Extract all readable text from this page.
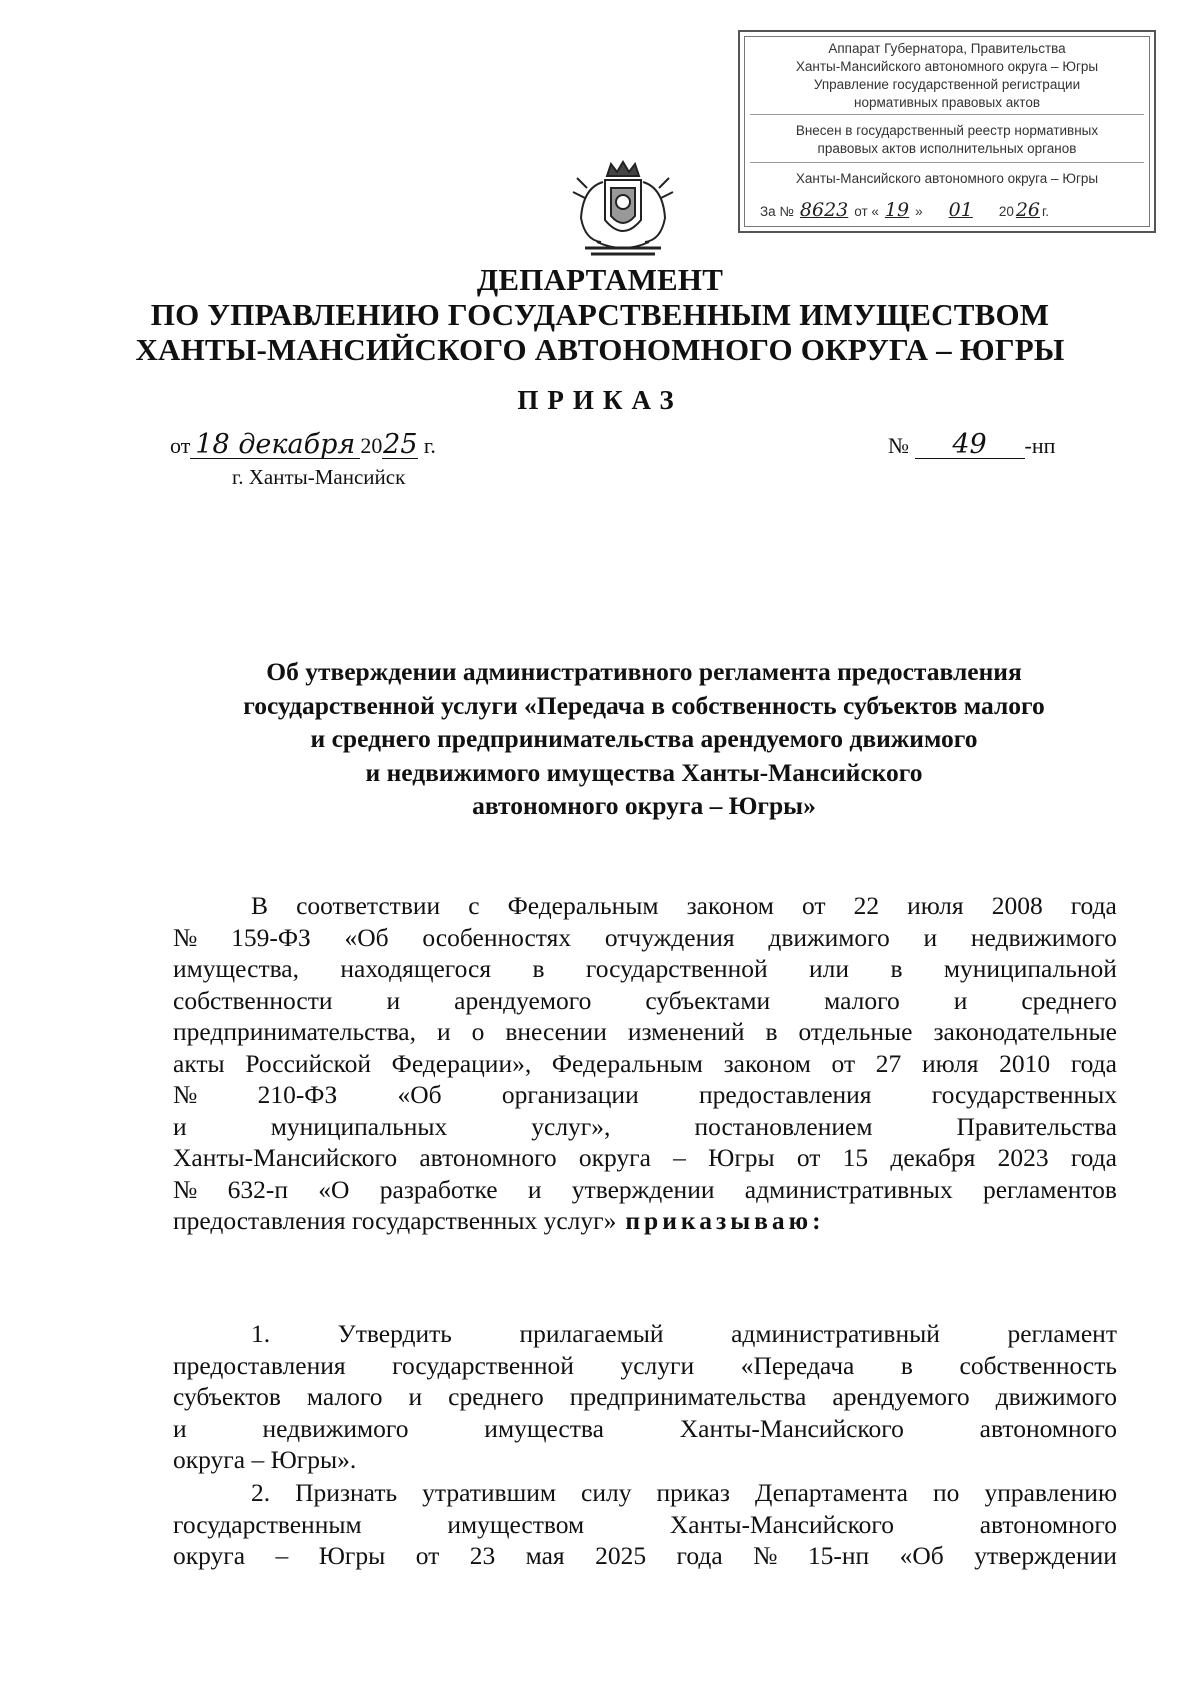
Аппарат Губернатора, Правительства
Ханты-Мансийского автономного округа – Югры
Управление государственной регистрации
нормативных правовых актов
Внесен в государственный реестр нормативных
правовых актов исполнительных органов
Ханты-Мансийского автономного округа – Югры
За № 8623 от « 19 » 01 20 26 г.
ДЕПАРТАМЕНТ
ПО УПРАВЛЕНИЮ ГОСУДАРСТВЕННЫМ ИМУЩЕСТВОМ
ХАНТЫ-МАНСИЙСКОГО АВТОНОМНОГО ОКРУГА – ЮГРЫ
ПРИКАЗ
от 18 декабря 2025 г.
г. Ханты-Мансийск
№ 49 -нп
Об утверждении административного регламента предоставления
государственной услуги «Передача в собственность субъектов малого
и среднего предпринимательства арендуемого движимого
и недвижимого имущества Ханты-Мансийского
автономного округа – Югры»
В соответствии с Федеральным законом от 22 июля 2008 года
№ 159-ФЗ «Об особенностях отчуждения движимого и недвижимого
имущества, находящегося в государственной или в муниципальной
собственности и арендуемого субъектами малого и среднего
предпринимательства, и о внесении изменений в отдельные законодательные
акты Российской Федерации», Федеральным законом от 27 июля 2010 года
№ 210-ФЗ «Об организации предоставления государственных
и	муниципальных	услуг»,	постановлением	Правительства
Ханты-Мансийского автономного округа – Югры от 15 декабря 2023 года
№ 632-п «О разработке и утверждении административных регламентов
предоставления государственных услуг» приказываю:
1.	Утвердить	прилагаемый	административный	регламент
предоставления государственной услуги «Передача в собственность
субъектов малого и среднего предпринимательства арендуемого движимого
и	недвижимого	имущества	Ханты-Мансийского	автономного
округа – Югры».
2. Признать утратившим силу приказ Департамента по управлению
государственным	имуществом	Ханты-Мансийского	автономного
округа – Югры от 23 мая 2025 года № 15-нп «Об утверждении
